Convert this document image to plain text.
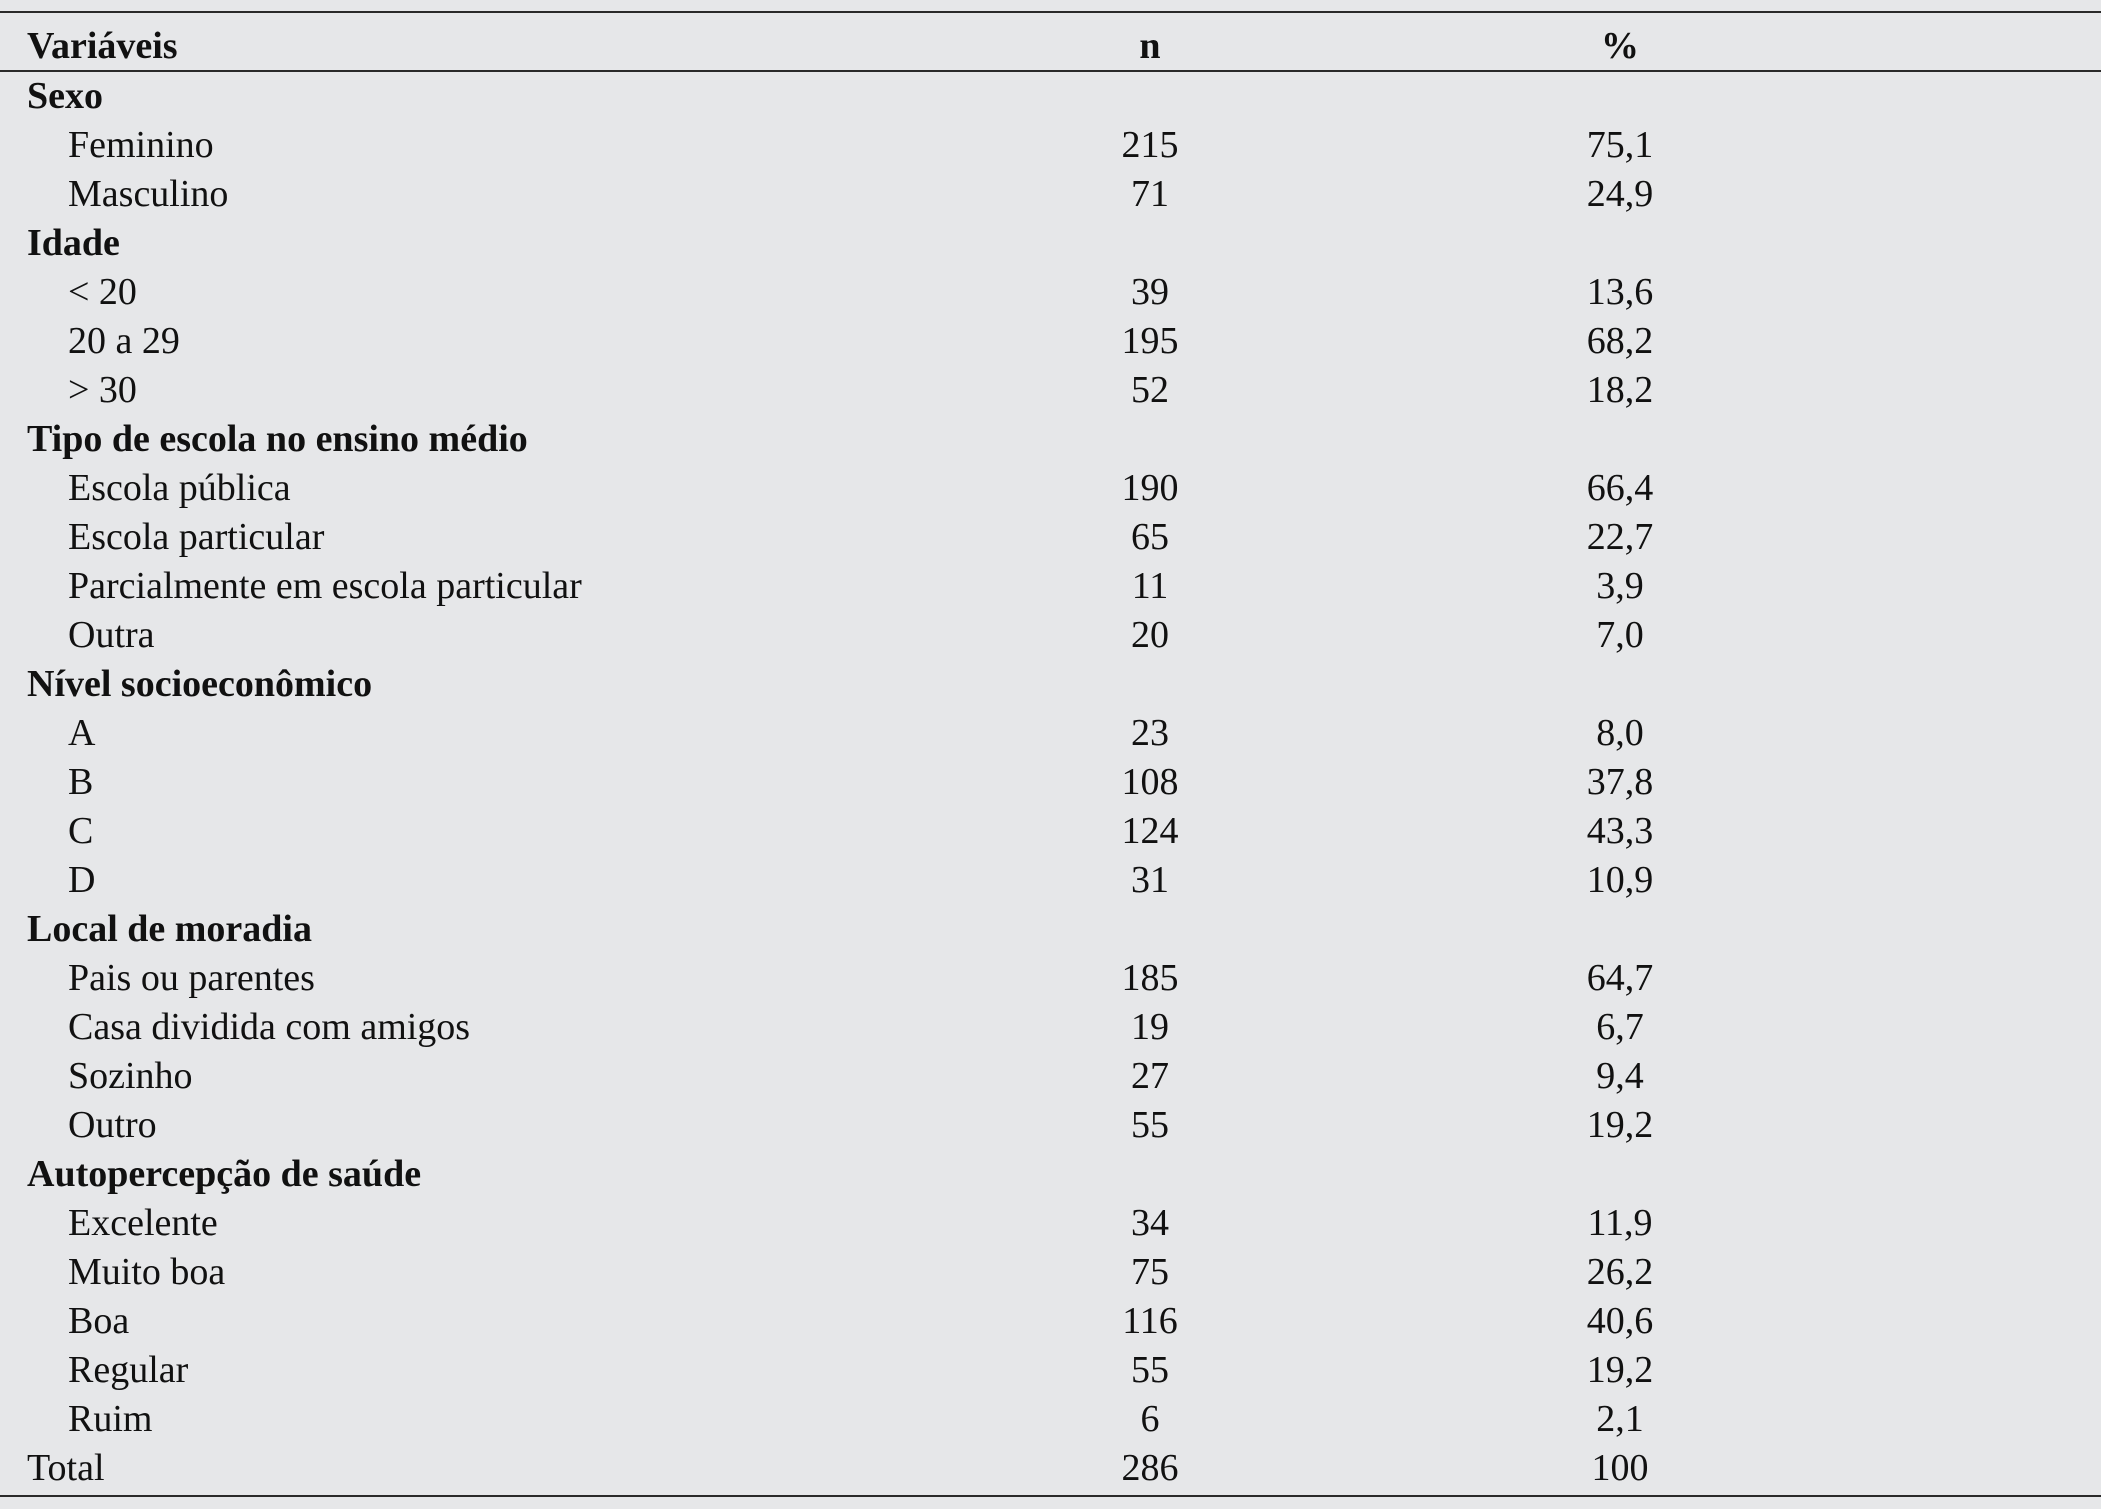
Variáveis	n		%	
Sexo				
Feminino	215		75,1	
Masculino	71		24,9	
Idade				
< 20	39		13,6	
20 a 29	195		68,2	
> 30	52		18,2	
Tipo de escola no ensino médio				
Escola pública	190		66,4	
Escola particular	65		22,7	
Parcialmente em escola particular	11		3,9	
Outra	20		7,0	
Nível socioeconômico				
A	23		8,0	
B	108		37,8	
C	124		43,3	
D	31		10,9	
Local de moradia				
Pais ou parentes	185		64,7	
Casa dividida com amigos	19		6,7	
Sozinho	27		9,4	
Outro	55		19,2	
Autopercepção de saúde				
Excelente	34		11,9	
Muito boa	75		26,2	
Boa	116		40,6	
Regular	55		19,2	
Ruim	6		2,1	
Total	286		100	
